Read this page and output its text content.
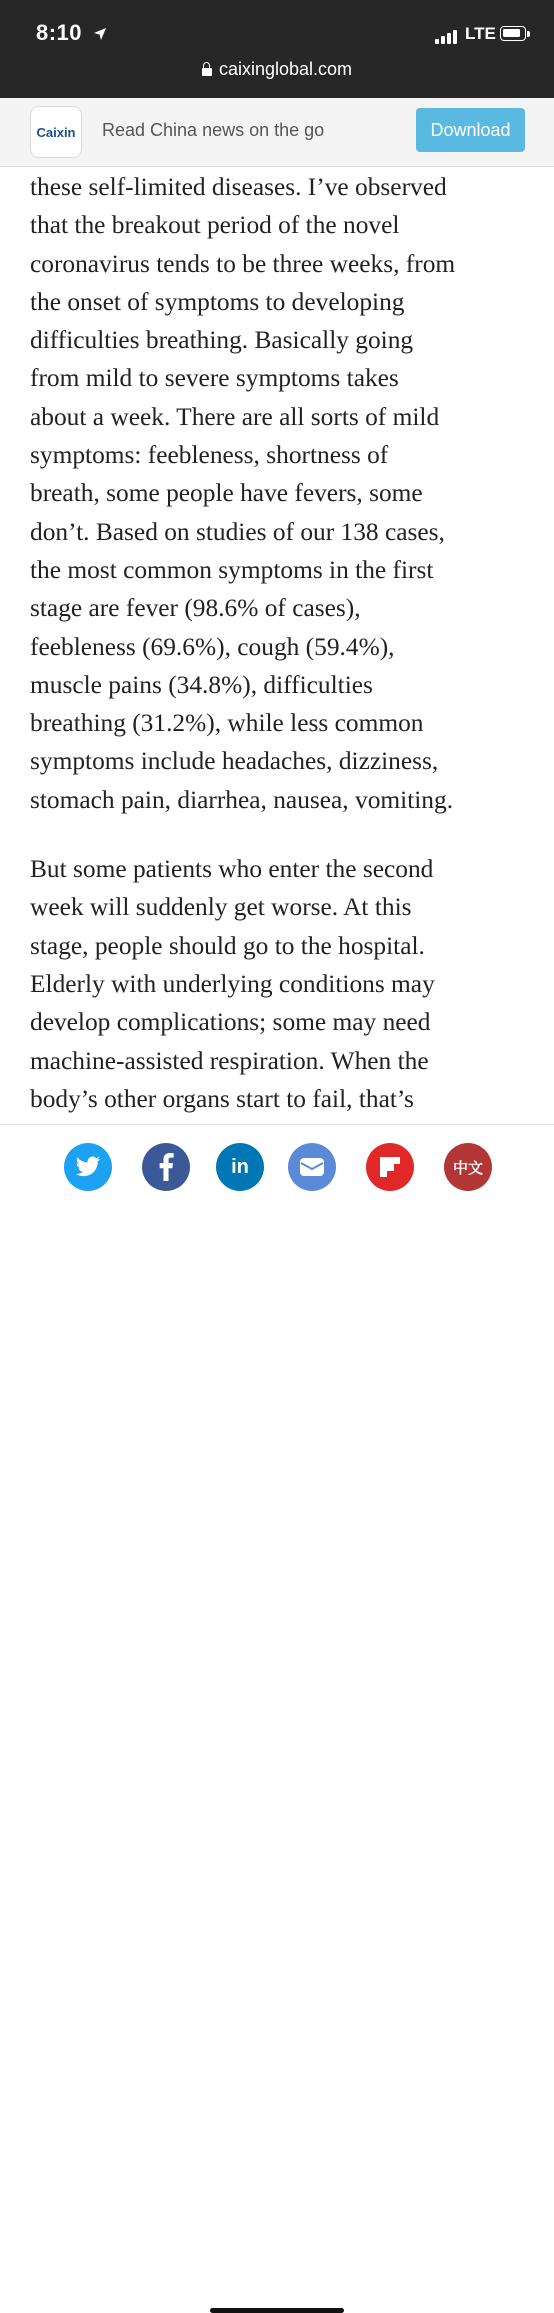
8:10	LTE
caixinglobal.com
Caixin Read China news on the go	Download

these self-limited diseases. I’ve observed

that the breakout period of the novel

coronavirus tends to be three weeks, from

the onset of symptoms to developing

difficulties breathing. Basically going

from mild to severe symptoms takes

about a week. There are all sorts of mild

symptoms: feebleness, shortness of

breath, some people have fevers, some

don’t. Based on studies of our 138 cases,

the most common symptoms in the first

stage are fever (98.6% of cases),

feebleness (69.6%), cough (59.4%),

muscle pains (34.8%), difficulties

breathing (31.2%), while less common

symptoms include headaches, dizziness,

stomach pain, diarrhea, nausea, vomiting.

But some patients who enter the second

week will suddenly get worse. At this

stage, people should go to the hospital.

Elderly with underlying conditions may

develop complications; some may need

machine-assisted respiration. When the

body’s other organs start to fail, that’s

in	中文
